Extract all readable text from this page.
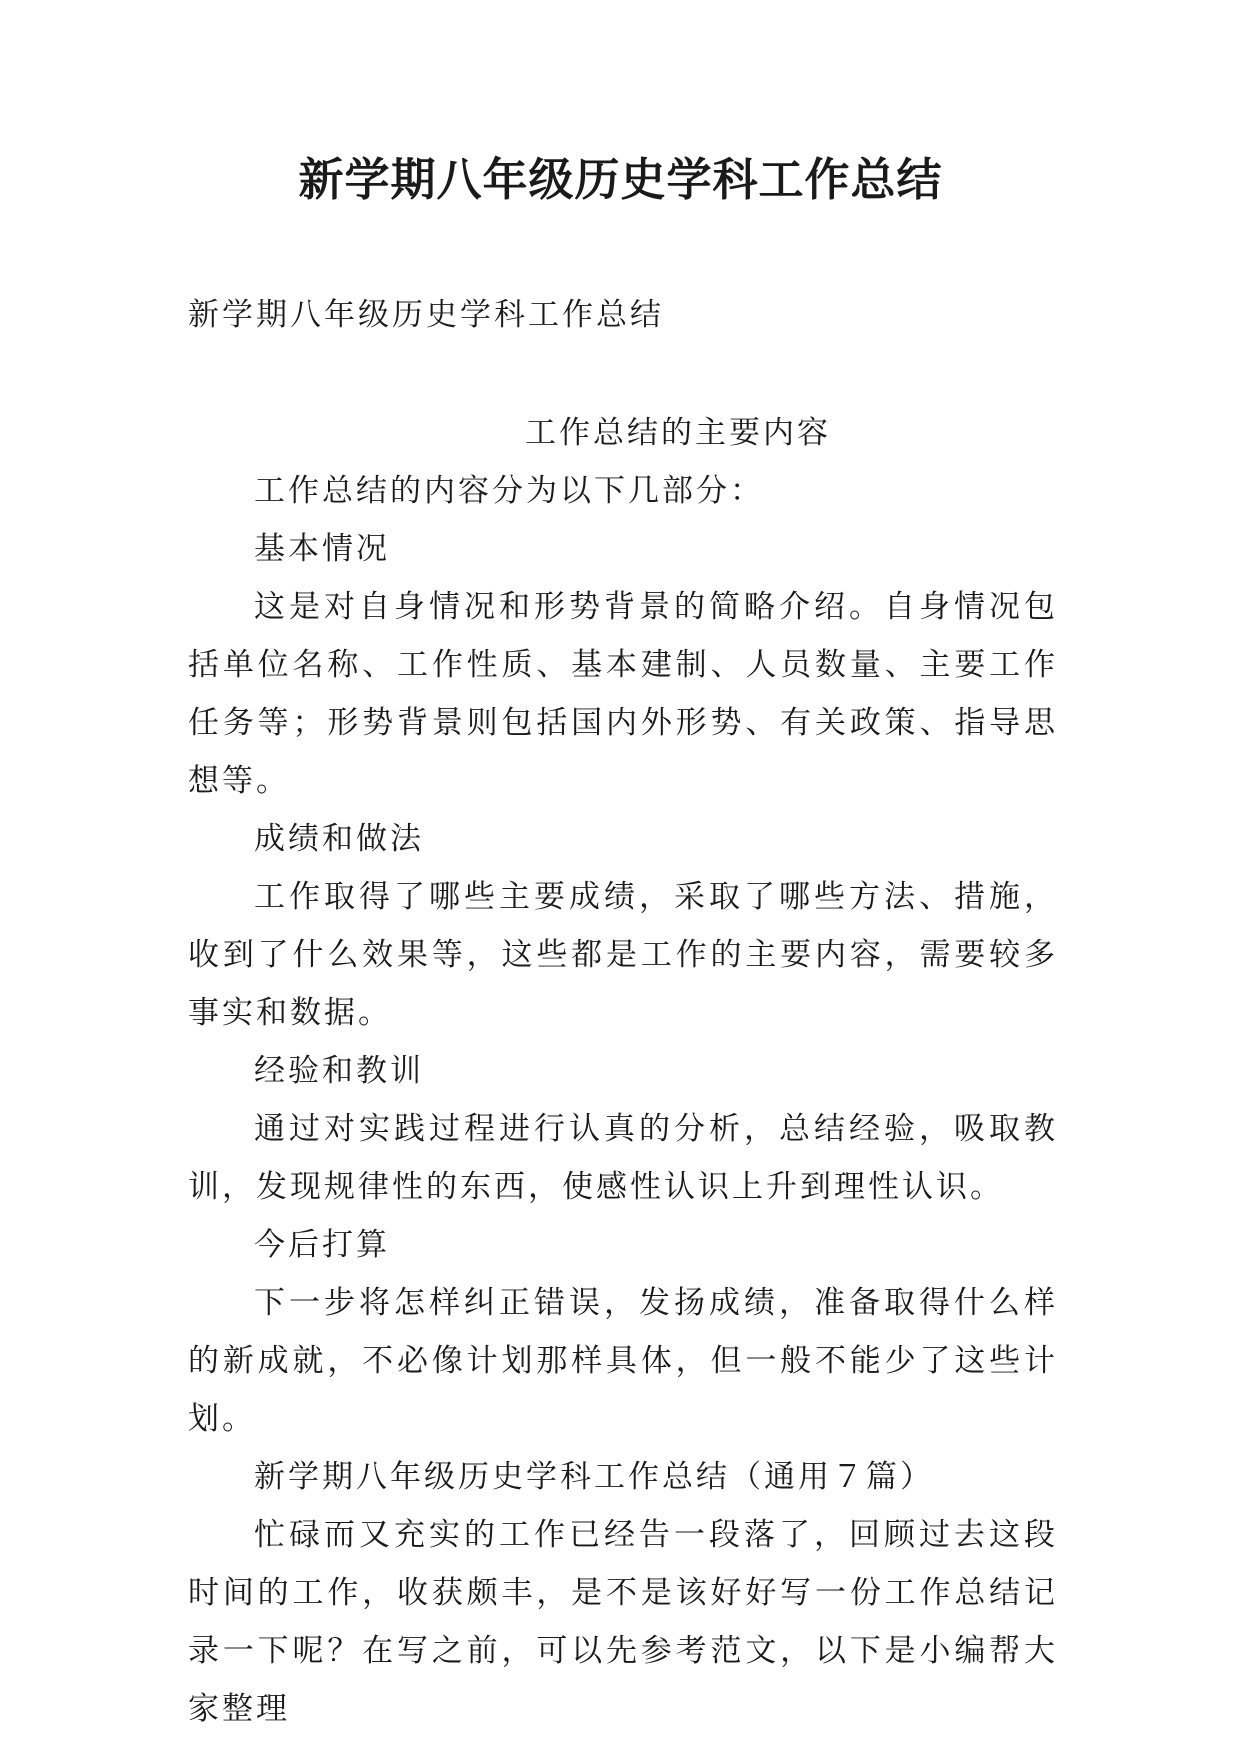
新学期八年级历史学科工作总结
新学期八年级历史学科工作总结
工作总结的主要内容

工作总结的内容分为以下几部分：

基本情况

这是对自身情况和形势背景的简略介绍。自身情况包括单位名称、工作性质、基本建制、人员数量、主要工作任务等；形势背景则包括国内外形势、有关政策、指导思想等。

成绩和做法

工作取得了哪些主要成绩，采取了哪些方法、措施，收到了什么效果等，这些都是工作的主要内容，需要较多事实和数据。

经验和教训

通过对实践过程进行认真的分析，总结经验，吸取教训，发现规律性的东西，使感性认识上升到理性认识。

今后打算

下一步将怎样纠正错误，发扬成绩，准备取得什么样的新成就，不必像计划那样具体，但一般不能少了这些计划。

新学期八年级历史学科工作总结（通用７篇）

忙碌而又充实的工作已经告一段落了，回顾过去这段时间的工作，收获颇丰，是不是该好好写一份工作总结记录一下呢？在写之前，可以先参考范文，以下是小编帮大家整理
